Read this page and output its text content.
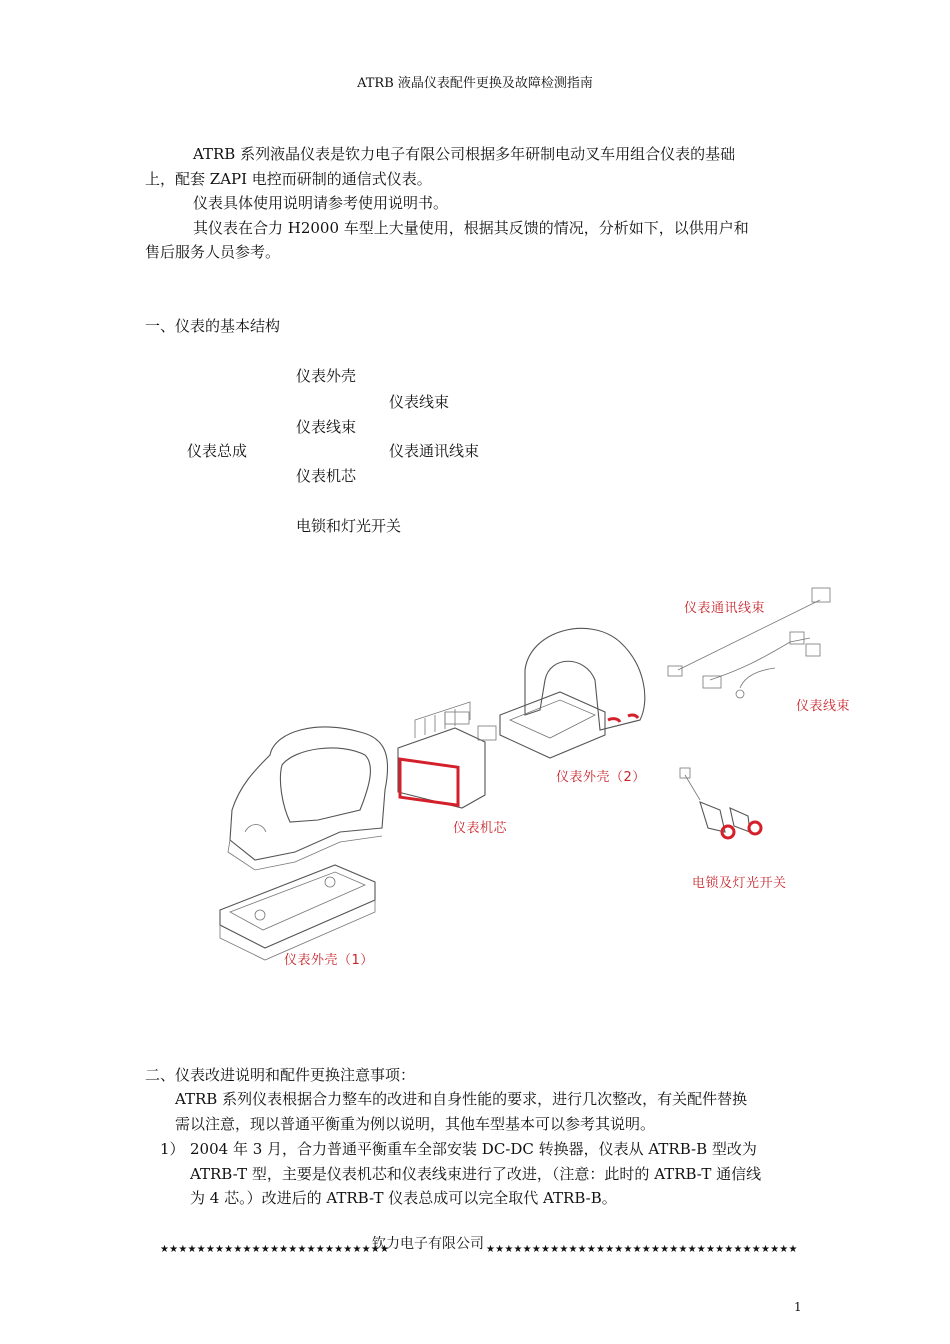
ATRB 液晶仪表配件更换及故障检测指南
ATRB 系列液晶仪表是钦力电子有限公司根据多年研制电动叉车用组合仪表的基础
上，配套 ZAPI 电控而研制的通信式仪表。
仪表具体使用说明请参考使用说明书。
其仪表在合力 H2000 车型上大量使用，根据其反馈的情况，分析如下，以供用户和
售后服务人员参考。
一、仪表的基本结构
仪表外壳
仪表线束
仪表线束
仪表总成	仪表通讯线束
仪表机芯
电锁和灯光开关
仪表通讯线束
仪表线束
仪表外壳（2）
仪表机芯
电锁及灯光开关
仪表外壳（1）
二、仪表改进说明和配件更换注意事项：
ATRB 系列仪表根据合力整车的改进和自身性能的要求，进行几次整改，有关配件替换
需以注意，现以普通平衡重为例以说明，其他车型基本可以参考其说明。
1） 2004 年 3 月，合力普通平衡重车全部安装 DC-DC 转换器，仪表从 ATRB-B 型改为
ATRB-T 型，主要是仪表机芯和仪表线束进行了改进，（注意：此时的 ATRB-T 通信线
为 4 芯。）改进后的 ATRB-T 仪表总成可以完全取代 ATRB-B。
★★★★★★★★★★★★★★★★★★★★★★★★★
钦力电子有限公司 ★★★★★★★★★★★★★★★★★★★★★★★★★★★★★★★★★★
1
